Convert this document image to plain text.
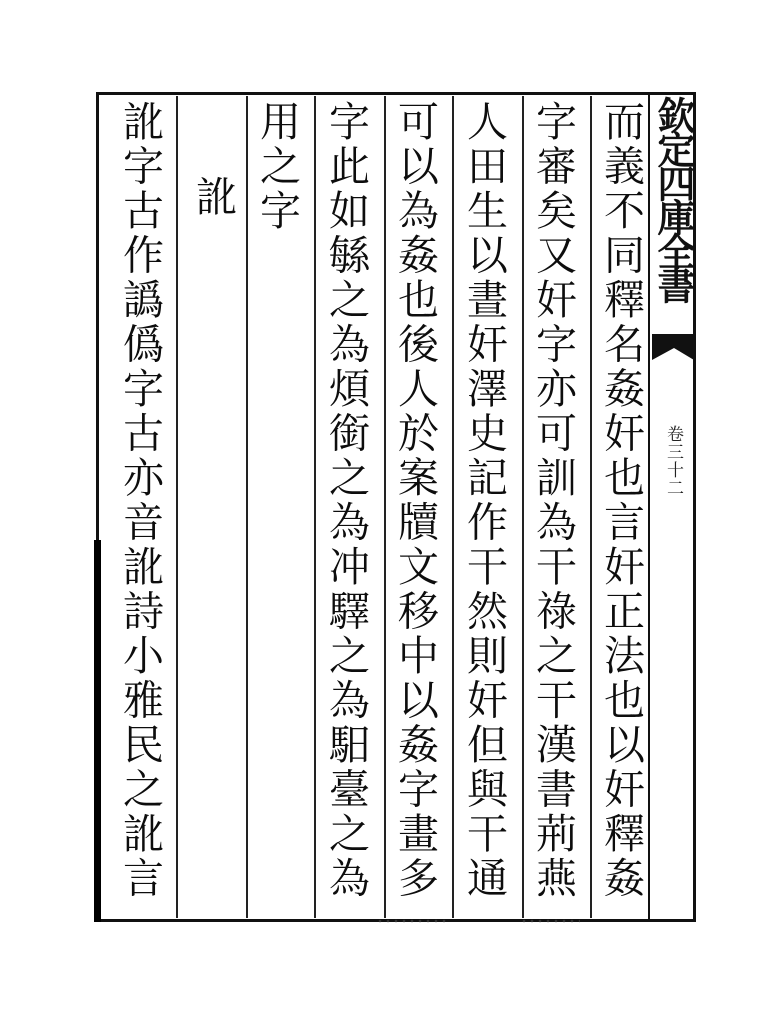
欽定四庫全書
卷三十二
而義不同釋名姦奸也言奸正法也以奸釋姦
字審矣又奸字亦可訓為干祿之干漢書荊燕
人田生以晝奸澤史記作干然則奸但與干通
可以為姦也後人於案牘文移中以姦字畫多
字此如緐之為煩銜之為冲驛之為馹臺之為
用之字
訛
訛字古作譌僞字古亦音訛詩小雅民之訛言
